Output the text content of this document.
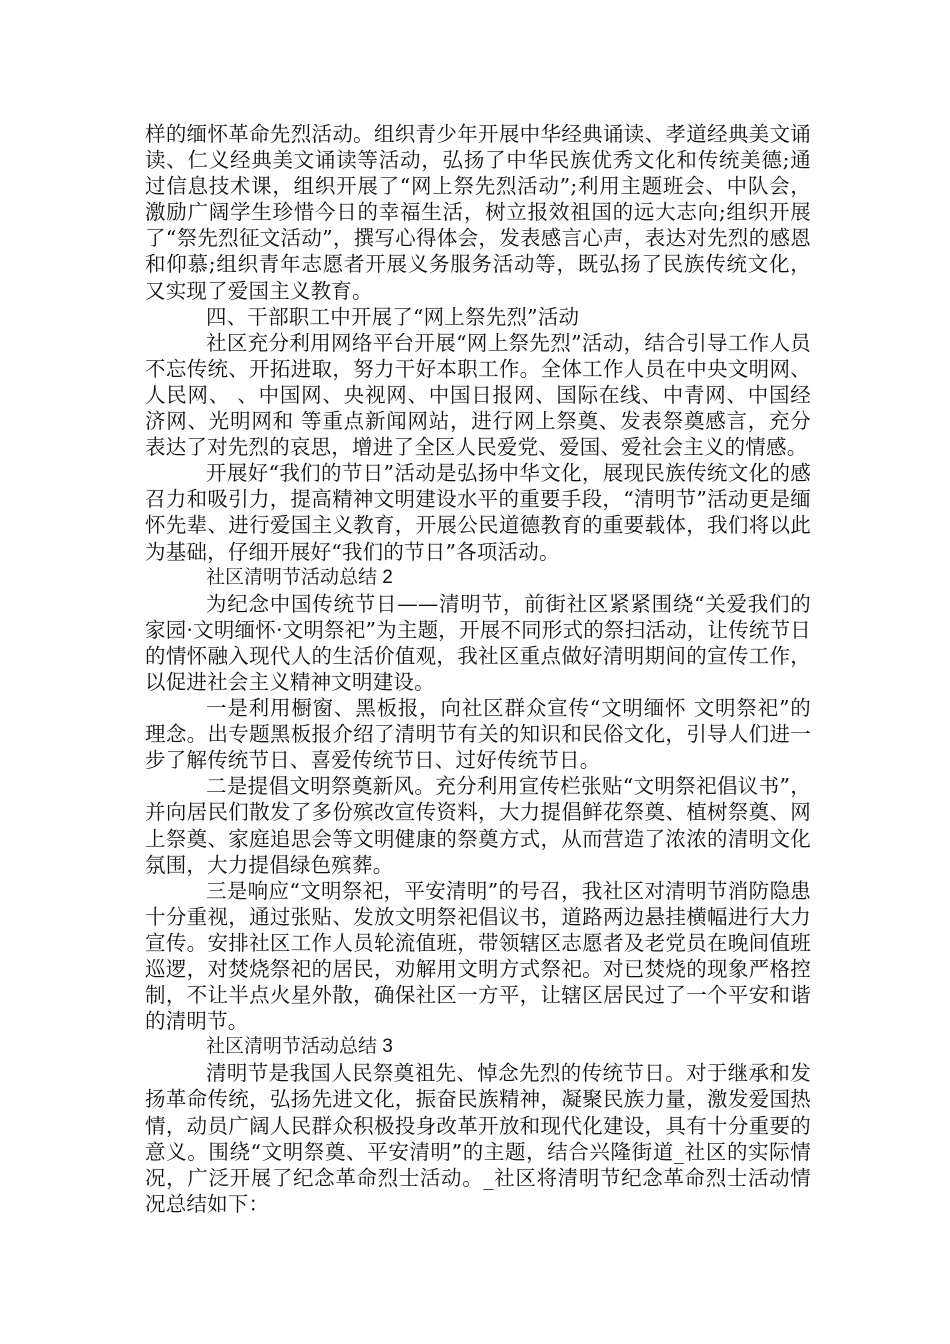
样的缅怀革命先烈活动。组织青少年开展中华经典诵读、孝道经典美文诵读、仁义经典美文诵读等活动，弘扬了中华民族优秀文化和传统美德;通过信息技术课，组织开展了“网上祭先烈活动”;利用主题班会、中队会，激励广阔学生珍惜今日的幸福生活，树立报效祖国的远大志向;组织开展了“祭先烈征文活动”，撰写心得体会，发表感言心声，表达对先烈的感恩和仰慕;组织青年志愿者开展义务服务活动等，既弘扬了民族传统文化，又实现了爱国主义教育。

四、干部职工中开展了“网上祭先烈”活动

社区充分利用网络平台开展“网上祭先烈”活动，结合引导工作人员不忘传统、开拓进取，努力干好本职工作。全体工作人员在中央文明网、人民网、 、中国网、央视网、中国日报网、国际在线、中青网、中国经济网、光明网和 等重点新闻网站，进行网上祭奠、发表祭奠感言，充分表达了对先烈的哀思，增进了全区人民爱党、爱国、爱社会主义的情感。

开展好“我们的节日”活动是弘扬中华文化，展现民族传统文化的感召力和吸引力，提高精神文明建设水平的重要手段，“清明节”活动更是缅怀先辈、进行爱国主义教育，开展公民道德教育的重要载体，我们将以此为基础，仔细开展好“我们的节日”各项活动。

社区清明节活动总结 2

为纪念中国传统节日——清明节，前街社区紧紧围绕“关爱我们的家园·文明缅怀·文明祭祀”为主题，开展不同形式的祭扫活动，让传统节日的情怀融入现代人的生活价值观，我社区重点做好清明期间的宣传工作，以促进社会主义精神文明建设。

一是利用橱窗、黑板报，向社区群众宣传“文明缅怀 文明祭祀”的理念。出专题黑板报介绍了清明节有关的知识和民俗文化，引导人们进一步了解传统节日、喜爱传统节日、过好传统节日。

二是提倡文明祭奠新风。充分利用宣传栏张贴“文明祭祀倡议书”，并向居民们散发了多份殡改宣传资料，大力提倡鲜花祭奠、植树祭奠、网上祭奠、家庭追思会等文明健康的祭奠方式，从而营造了浓浓的清明文化氛围，大力提倡绿色殡葬。

三是响应“文明祭祀，平安清明”的号召，我社区对清明节消防隐患十分重视，通过张贴、发放文明祭祀倡议书，道路两边悬挂横幅进行大力宣传。安排社区工作人员轮流值班，带领辖区志愿者及老党员在晚间值班巡逻，对焚烧祭祀的居民，劝解用文明方式祭祀。对已焚烧的现象严格控制，不让半点火星外散，确保社区一方平，让辖区居民过了一个平安和谐的清明节。

社区清明节活动总结 3

清明节是我国人民祭奠祖先、悼念先烈的传统节日。对于继承和发扬革命传统，弘扬先进文化，振奋民族精神，凝聚民族力量，激发爱国热情，动员广阔人民群众积极投身改革开放和现代化建设，具有十分重要的意义。围绕“文明祭奠、平安清明”的主题，结合兴隆街道_社区的实际情况，广泛开展了纪念革命烈士活动。_社区将清明节纪念革命烈士活动情况总结如下：
